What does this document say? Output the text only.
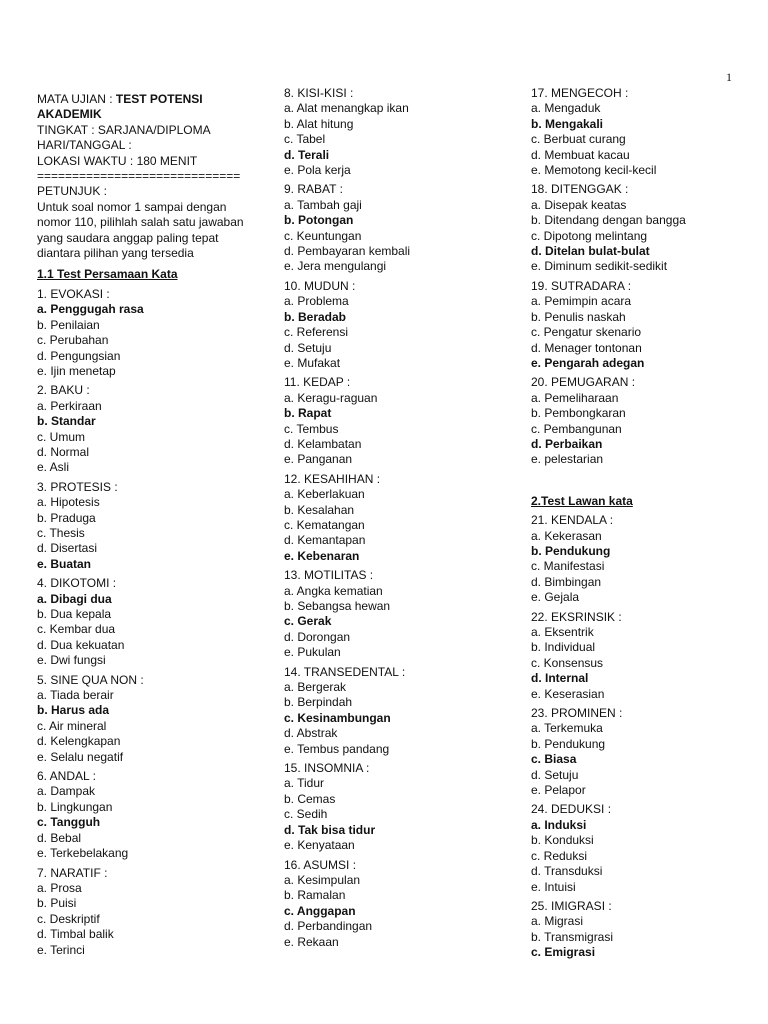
1
MATA UJIAN : TEST POTENSI
AKADEMIK
TINGKAT : SARJANA/DIPLOMA
HARI/TANGGAL :
LOKASI WAKTU : 180 MENIT
=============================
PETUNJUK :
Untuk soal nomor 1 sampai dengan
nomor 110, pilihlah salah satu jawaban
yang saudara anggap paling tepat
diantara pilihan yang tersedia
1.1 Test Persamaan Kata
1. EVOKASI :
a. Penggugah rasa
b. Penilaian
c. Perubahan
d. Pengungsian
e. Ijin menetap
2. BAKU :
a. Perkiraan
b. Standar
c. Umum
d. Normal
e. Asli
3. PROTESIS :
a. Hipotesis
b. Praduga
c. Thesis
d. Disertasi
e. Buatan
4. DIKOTOMI :
a. Dibagi dua
b. Dua kepala
c. Kembar dua
d. Dua kekuatan
e. Dwi fungsi
5. SINE QUA NON :
a. Tiada berair
b. Harus ada
c. Air mineral
d. Kelengkapan
e. Selalu negatif
6. ANDAL :
a. Dampak
b. Lingkungan
c. Tangguh
d. Bebal
e. Terkebelakang
7. NARATIF :
a. Prosa
b. Puisi
c. Deskriptif
d. Timbal balik
e. Terinci
8. KISI-KISI :
a. Alat menangkap ikan
b. Alat hitung
c. Tabel
d. Terali
e. Pola kerja
9. RABAT :
a. Tambah gaji
b. Potongan
c. Keuntungan
d. Pembayaran kembali
e. Jera mengulangi
10. MUDUN :
a. Problema
b. Beradab
c. Referensi
d. Setuju
e. Mufakat
11. KEDAP :
a. Keragu-raguan
b. Rapat
c. Tembus
d. Kelambatan
e. Panganan
12. KESAHIHAN :
a. Keberlakuan
b. Kesalahan
c. Kematangan
d. Kemantapan
e. Kebenaran
13. MOTILITAS :
a. Angka kematian
b. Sebangsa hewan
c. Gerak
d. Dorongan
e. Pukulan
14. TRANSEDENTAL :
a. Bergerak
b. Berpindah
c. Kesinambungan
d. Abstrak
e. Tembus pandang
15. INSOMNIA :
a. Tidur
b. Cemas
c. Sedih
d. Tak bisa tidur
e. Kenyataan
16. ASUMSI :
a. Kesimpulan
b. Ramalan
c. Anggapan
d. Perbandingan
e. Rekaan
17. MENGECOH :
a. Mengaduk
b. Mengakali
c. Berbuat curang
d. Membuat kacau
e. Memotong kecil-kecil
18. DITENGGAK :
a. Disepak keatas
b. Ditendang dengan bangga
c. Dipotong melintang
d. Ditelan bulat-bulat
e. Diminum sedikit-sedikit
19. SUTRADARA :
a. Pemimpin acara
b. Penulis naskah
c. Pengatur skenario
d. Menager tontonan
e. Pengarah adegan
20. PEMUGARAN :
a. Pemeliharaan
b. Pembongkaran
c. Pembangunan
d. Perbaikan
e. pelestarian
2.Test Lawan kata
21. KENDALA :
a. Kekerasan
b. Pendukung
c. Manifestasi
d. Bimbingan
e. Gejala
22. EKSRINSIK :
a. Eksentrik
b. Individual
c. Konsensus
d. Internal
e. Keserasian
23. PROMINEN :
a. Terkemuka
b. Pendukung
c. Biasa
d. Setuju
e. Pelapor
24. DEDUKSI :
a. Induksi
b. Konduksi
c. Reduksi
d. Transduksi
e. Intuisi
25. IMIGRASI :
a. Migrasi
b. Transmigrasi
c. Emigrasi
